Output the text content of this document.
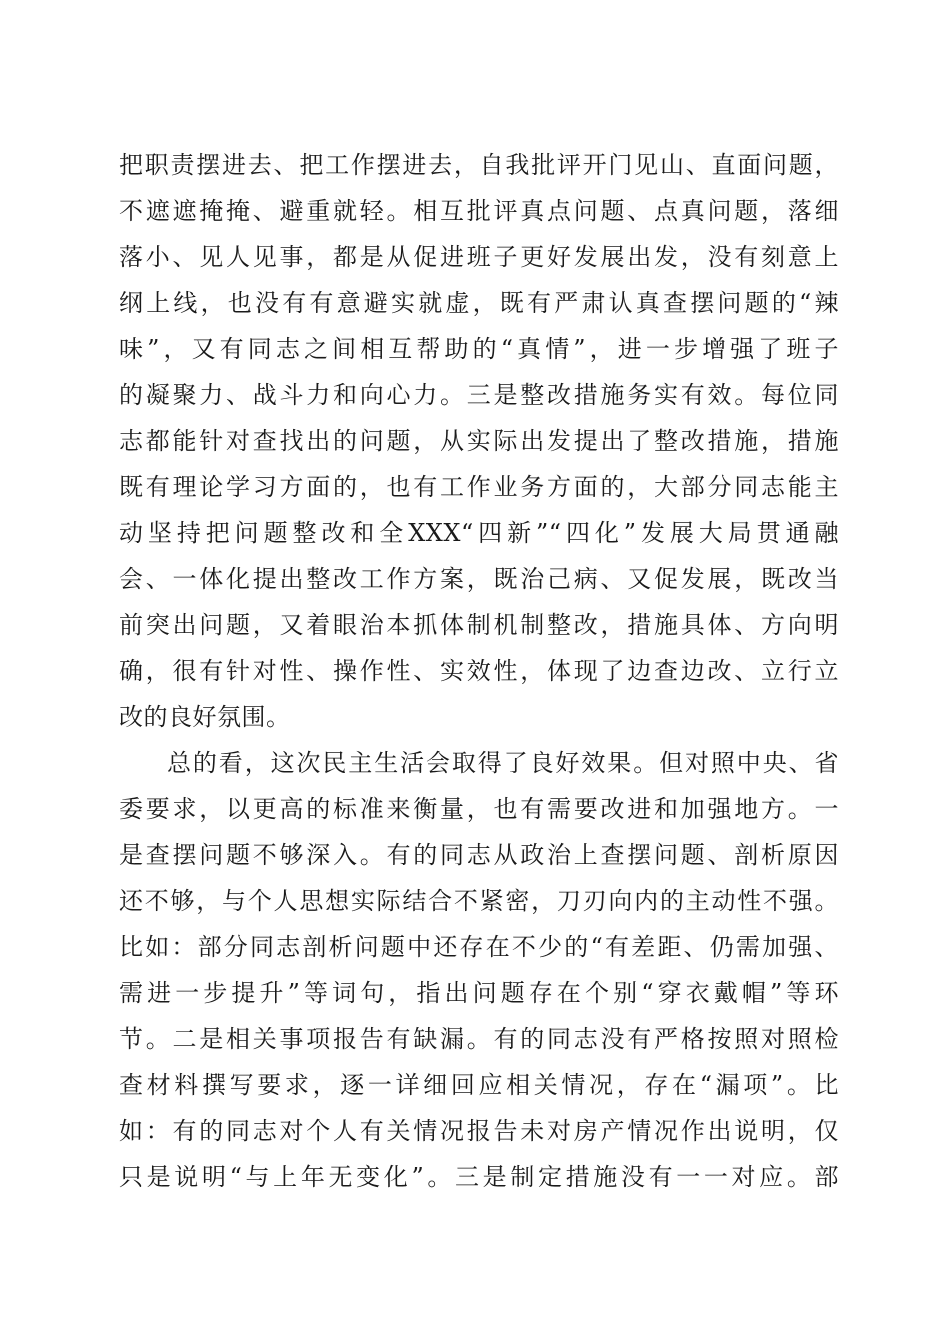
把职责摆进去、把工作摆进去，自我批评开门见山、直面问题，
不遮遮掩掩、避重就轻。相互批评真点问题、点真问题，落细
落小、见人见事，都是从促进班子更好发展出发，没有刻意上
纲上线，也没有有意避实就虚，既有严肃认真查摆问题的“辣
味”，又有同志之间相互帮助的“真情”，进一步增强了班子
的凝聚力、战斗力和向心力。三是整改措施务实有效。每位同
志都能针对查找出的问题，从实际出发提出了整改措施，措施
既有理论学习方面的，也有工作业务方面的，大部分同志能主
动坚持把问题整改和全XXX“四新”“四化”发展大局贯通融
会、一体化提出整改工作方案，既治己病、又促发展，既改当
前突出问题，又着眼治本抓体制机制整改，措施具体、方向明
确，很有针对性、操作性、实效性，体现了边查边改、立行立
改的良好氛围。
总的看，这次民主生活会取得了良好效果。但对照中央、省
委要求，以更高的标准来衡量，也有需要改进和加强地方。一
是查摆问题不够深入。有的同志从政治上查摆问题、剖析原因
还不够，与个人思想实际结合不紧密，刀刃向内的主动性不强。
比如：部分同志剖析问题中还存在不少的“有差距、仍需加强、
需进一步提升”等词句，指出问题存在个别“穿衣戴帽”等环
节。二是相关事项报告有缺漏。有的同志没有严格按照对照检
查材料撰写要求，逐一详细回应相关情况，存在“漏项”。比
如：有的同志对个人有关情况报告未对房产情况作出说明，仅
只是说明“与上年无变化”。三是制定措施没有一一对应。部
